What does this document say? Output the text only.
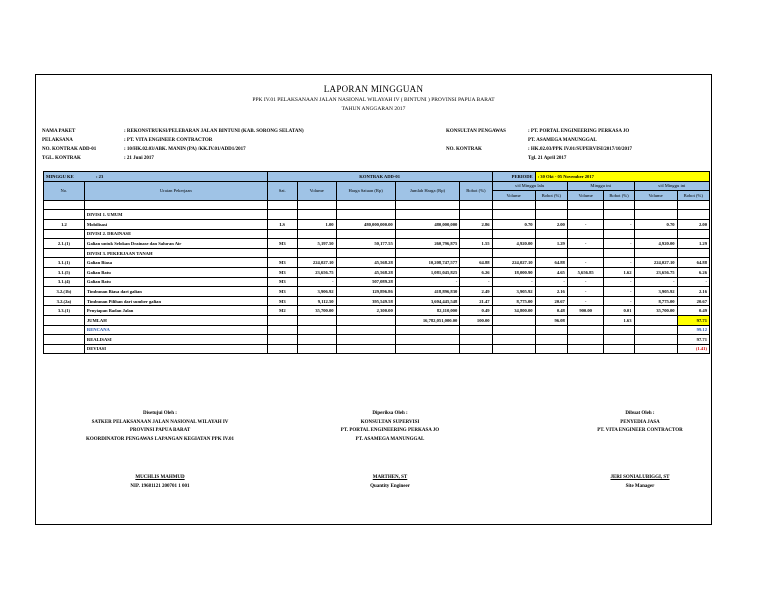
LAPORAN MINGGUAN
PPK IV.01 PELAKSANAAN JALAN NASIONAL WILAYAH IV ( BINTUNI ) PROVINSI PAPUA BARAT
TAHUN ANGGARAN 2017
NAMA PAKET	: REKONSTRUKSI/PELEBARAN JALAN BINTUNI (KAB. SORONG SELATAN)
PELAKSANA	: PT. VITA ENGINEER CONTRACTOR
NO. KONTRAK ADD-01	: 10/HK.02.03/ABK. MANIN (PA) /KK.IV.01/ADD1/2017
TGL. KONTRAK	: 21 Juni 2017
KONSULTAN PENGAWAS	: PT. PORTAL ENGINEERING PERKASA JO
PT. ASAMEGA MANUNGGAL
NO. KONTRAK	: HK.02.03/PPK IV.01/SUPERVISI/2017/10/2017
Tgl. 21 April 2017
MINGGU KE : 23		KONTRAK ADD-01					PERIODE	: 30 Okt - 05 November 2017				
No.	Uraian Pekerjaan	Sat.	Volume	Harga Satuan (Rp)	Jumlah Harga (Rp)	Bobot (%)	s/d Minggu lalu		Minggu ini		s/d Minggu ini	
							Volume	Bobot (%)	Volume	Bobot (%)	Volume	Bobot (%)

	DIVISI 1. UMUM											
1.2	Mobilisasi	LS	1.00	480,000,000.00	480,000,000	2.86	0.70	2.00	-	-	0.70	2.00
	DIVISI 2. DRAINASE											
2.1.(1)	Galian untuk Selokan Drainase dan Saluran Air	M3	5,197.50	50,177.55	260,796,875	1.55	4,920.00	1.29	-	-	4,920.00	1.29
	DIVISI 3. PEKERJAAN TANAH											
3.1.(1)	Galian Biasa	M3	224,027.10	45,568.28	10,208,747,577	64.88	224,027.10	64.88	-	-	224,027.10	64.88
3.1.(5)	Galian Batu	M3	23,656.75	45,568.28	1,081,045,825	6.26	18,000.90	4.65	5,656.85	1.62	23,656.75	6.26
3.1.(4)	Galian Batu	M3	-	507,089.28	-	-	-	-	-	-	-	-
3.2.(1b)	Timbunan Biasa dari galian	M3	3,906.92	129,896.86	418,896,830	2.49	3,905.92	2.16	-	-	3,905.92	2.16
3.2.(2a)	Timbunan Pilihan dari sumber galian	M3	9,112.50	395,549.58	3,604,445,548	21.47	8,775.00	20.67	-	-	8,775.00	20.67
3.3.(1)	Penyiapan Badan Jalan	M2	35,700.00	2,300.00	82,110,000	0.49	34,800.00	0.48	900.00	0.01	35,700.00	0.49
	JUMLAH				16,782,051,000.00	100.00		96.08		1.63		97.71
	RENCANA											99.12
	REALISASI											97.71
	DEVIASI											(1.41)
Disetujui Oleh :
SATKER PELAKSANAAN JALAN NASIONAL WILAYAH IV
PROVINSI PAPUA BARAT
KOORDINATOR PENGAWAS LAPANGAN KEGIATAN PPK IV.01
MUCHLIS MAHMUD
NIP. 19681121 200701 1 001
Diperiksa Oleh :
KONSULTAN SUPERVISI
PT. PORTAL ENGINEERING PERKASA JO
PT. ASAMEGA MANUNGGAL
MARTHEN, ST
Quantity Engineer
Dibuat Oleh :
PENYEDIA JASA
PT. VITA ENGINEER CONTRACTOR
JERI SONIALUBIGGI, ST
Site Manager
